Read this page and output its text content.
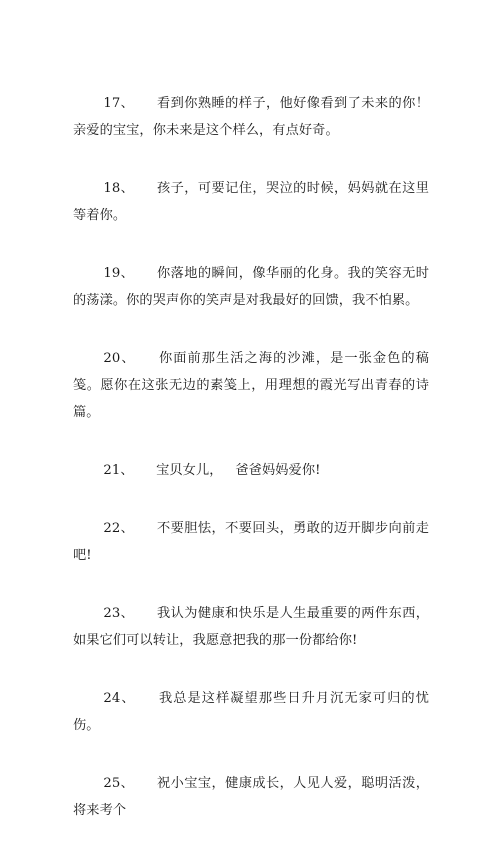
17、 看到你熟睡的样子，他好像看到了未来的你！亲爱的宝宝，你未来是这个样么，有点好奇。

18、 孩子，可要记住，哭泣的时候，妈妈就在这里等着你。

19、 你落地的瞬间，像华丽的化身。我的笑容无时的荡漾。你的哭声你的笑声是对我最好的回馈，我不怕累。

20、 你面前那生活之海的沙滩，是一张金色的稿笺。愿你在这张无边的素笺上，用理想的霞光写出青春的诗篇。

21、 宝贝女儿，   爸爸妈妈爱你!

22、 不要胆怯，不要回头，勇敢的迈开脚步向前走吧!

23、 我认为健康和快乐是人生最重要的两件东西，如果它们可以转让，我愿意把我的那一份都给你!

24、 我总是这样凝望那些日升月沉无家可归的忧伤。

25、 祝小宝宝，健康成长，人见人爱，聪明活泼，将来考个
